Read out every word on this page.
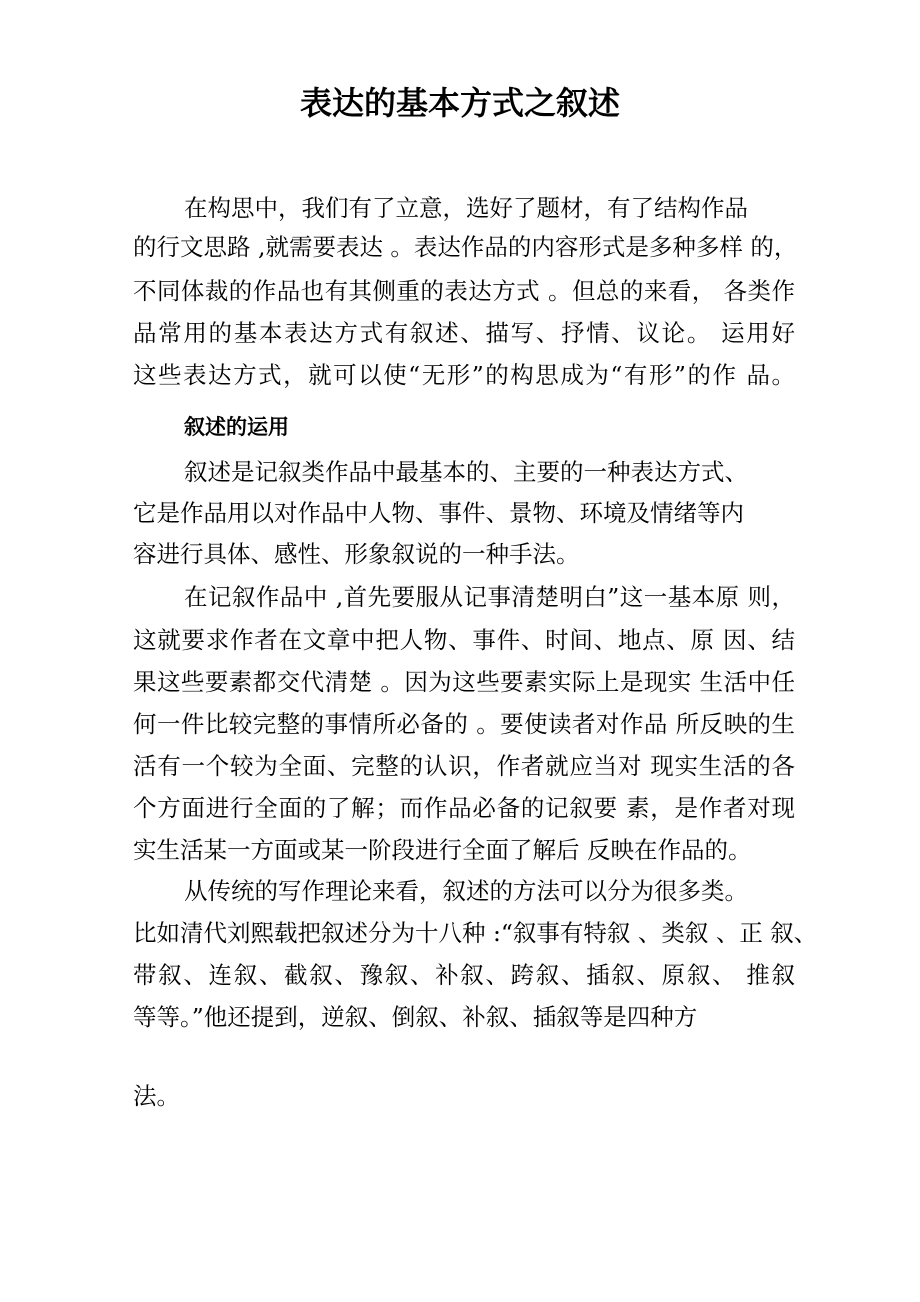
表达的基本方式之叙述
在构思中，我们有了立意，选好了题材，有了结构作品
的行文思路 ,就需要表达 。表达作品的内容形式是多种多样 的，
不同体裁的作品也有其侧重的表达方式 。但总的来看， 各类作
品常用的基本表达方式有叙述、描写、抒情、议论。 运用好
这些表达方式，就可以使“无形”的构思成为“有形”的作 品。
叙述的运用
叙述是记叙类作品中最基本的、主要的一种表达方式、
它是作品用以对作品中人物、事件、景物、环境及情绪等内
容进行具体、感性、形象叙说的一种手法。
在记叙作品中 ,首先要服从记事清楚明白”这一基本原 则，
这就要求作者在文章中把人物、事件、时间、地点、原 因、结
果这些要素都交代清楚 。因为这些要素实际上是现实 生活中任
何一件比较完整的事情所必备的 。要使读者对作品 所反映的生
活有一个较为全面、完整的认识，作者就应当对 现实生活的各
个方面进行全面的了解；而作品必备的记叙要 素，是作者对现
实生活某一方面或某一阶段进行全面了解后 反映在作品的。
从传统的写作理论来看，叙述的方法可以分为很多类。
比如清代刘熙载把叙述分为十八种 :“叙事有特叙 、类叙 、正 叙、
带叙、连叙、截叙、豫叙、补叙、跨叙、插叙、原叙、 推叙
等等。”他还提到，逆叙、倒叙、补叙、插叙等是四种方
法。
